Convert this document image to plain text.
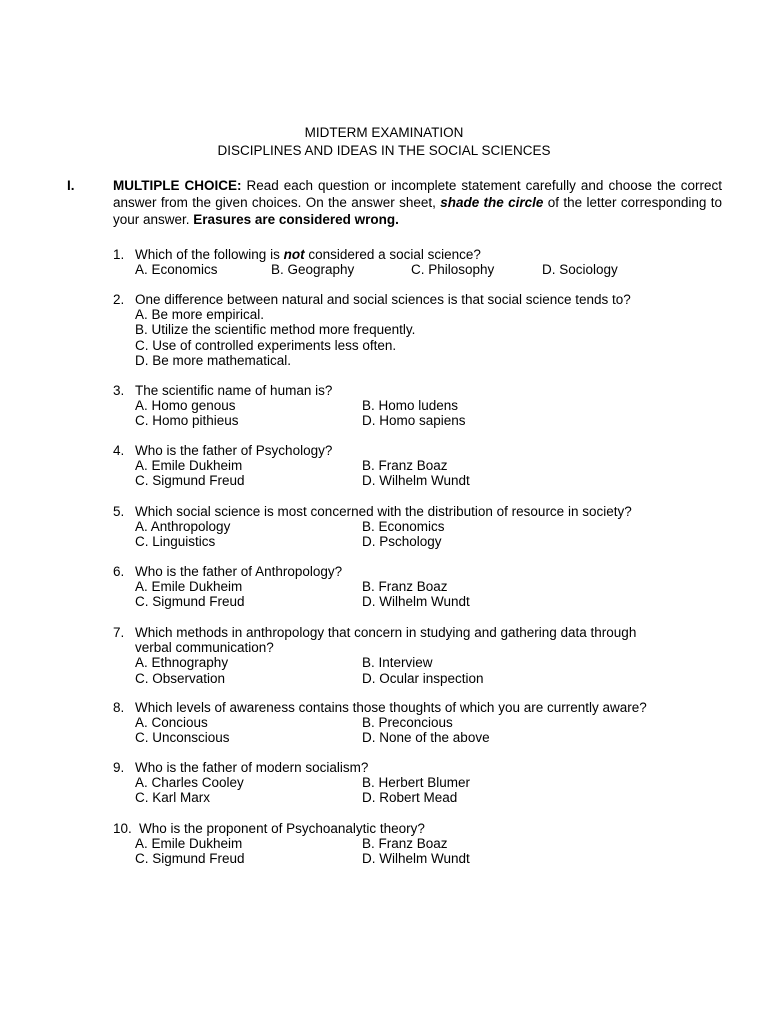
MIDTERM EXAMINATION
DISCIPLINES AND IDEAS IN THE SOCIAL SCIENCES
I.	MULTIPLE CHOICE: Read each question or incomplete statement carefully and choose the correct answer from the given choices. On the answer sheet, shade the circle of the letter corresponding to your answer. Erasures are considered wrong.
1. Which of the following is not considered a social science?
A. Economics	B. Geography	C. Philosophy	D. Sociology
2. One difference between natural and social sciences is that social science tends to?
A. Be more empirical.
B. Utilize the scientific method more frequently.
C. Use of controlled experiments less often.
D. Be more mathematical.
3. The scientific name of human is?
A. Homo genous	B. Homo ludens
C. Homo pithieus	D. Homo sapiens
4. Who is the father of Psychology?
A. Emile Dukheim	B. Franz Boaz
C. Sigmund Freud	D. Wilhelm Wundt
5. Which social science is most concerned with the distribution of resource in society?
A. Anthropology	B. Economics
C. Linguistics	D. Pschology
6. Who is the father of Anthropology?
A. Emile Dukheim	B. Franz Boaz
C. Sigmund Freud	D. Wilhelm Wundt
7. Which methods in anthropology that concern in studying and gathering data through
verbal communication?
A. Ethnography	B. Interview
C. Observation	D. Ocular inspection
8. Which levels of awareness contains those thoughts of which you are currently aware?
A. Concious	B. Preconcious
C. Unconscious	D. None of the above
9. Who is the father of modern socialism?
A. Charles Cooley	B. Herbert Blumer
C. Karl Marx	D. Robert Mead
10. Who is the proponent of Psychoanalytic theory?
A. Emile Dukheim	B. Franz Boaz
C. Sigmund Freud	D. Wilhelm Wundt
